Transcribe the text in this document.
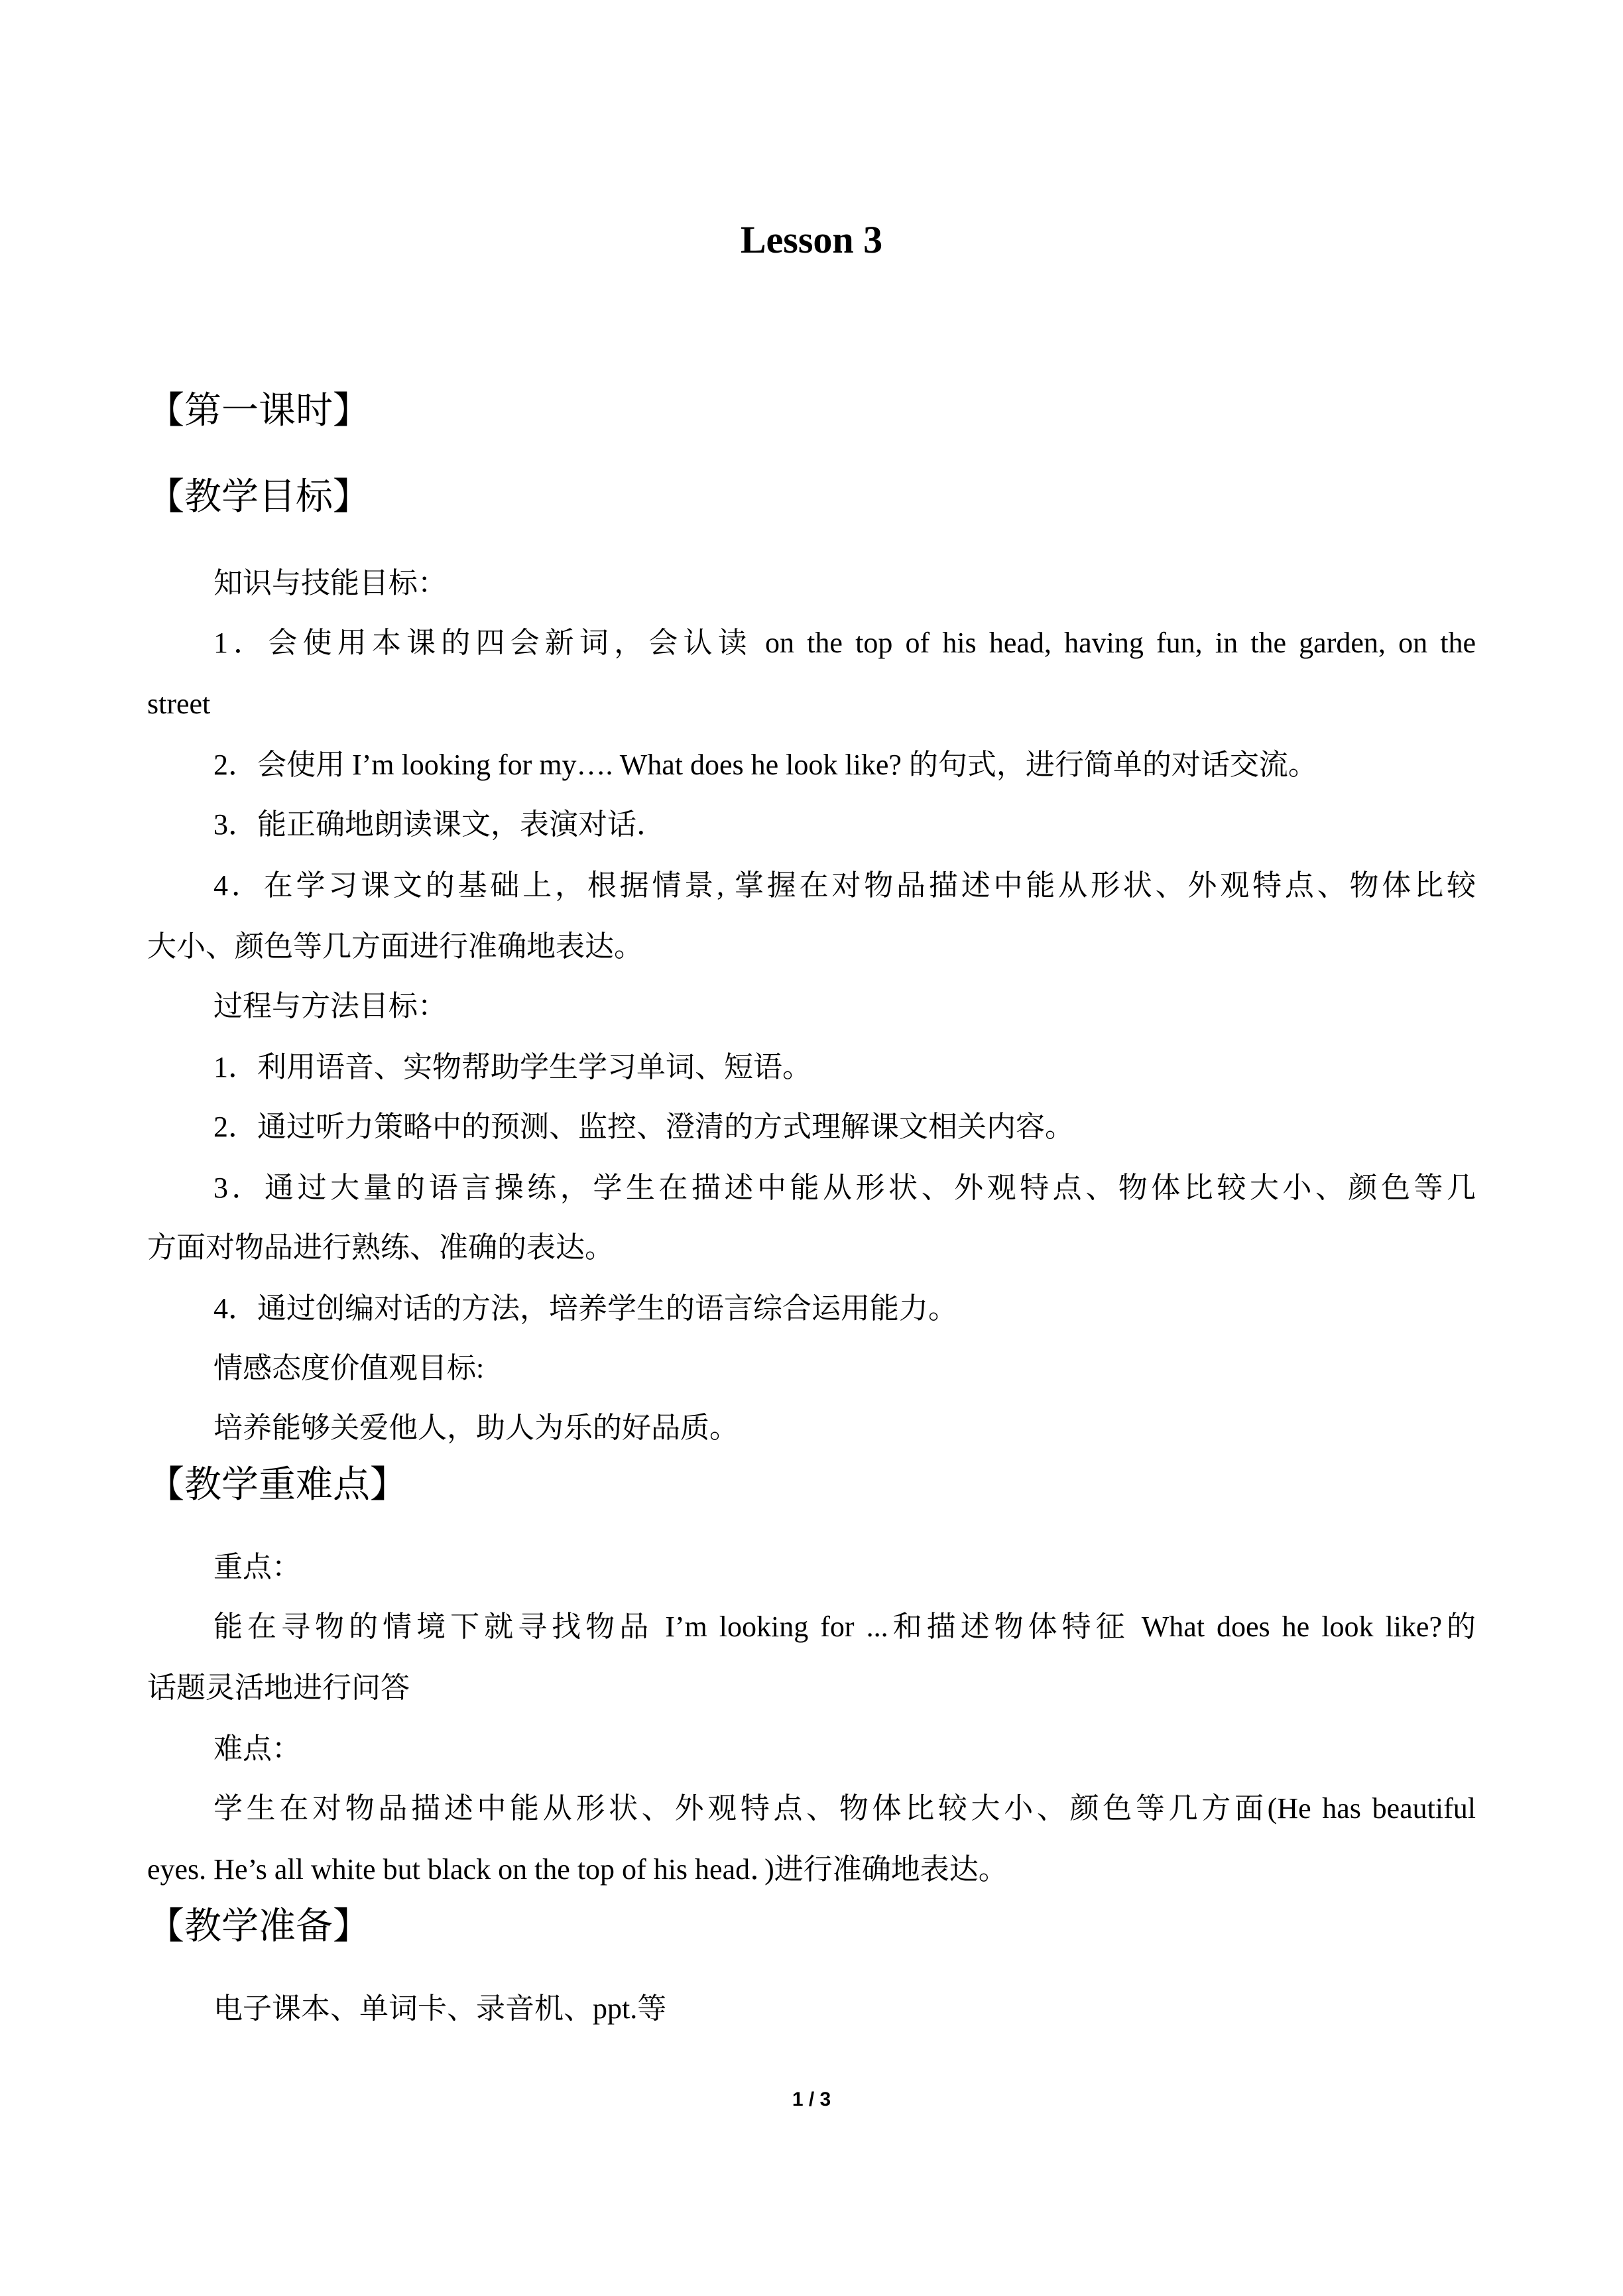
Lesson 3
【第一课时】
【教学目标】
知识与技能目标：
1．会使用本课的四会新词，会认读 on the top of his head, having fun, in the garden, on the
street
2．会使用 I’m looking for my…. What does he look like? 的句式，进行简单的对话交流。
3．能正确地朗读课文，表演对话．
4．在学习课文的基础上，根据情景, 掌握在对物品描述中能从形状、外观特点、物体比较
大小、颜色等几方面进行准确地表达。
过程与方法目标：
1．利用语音、实物帮助学生学习单词、短语。
2．通过听力策略中的预测、监控、澄清的方式理解课文相关内容。
3．通过大量的语言操练，学生在描述中能从形状、外观特点、物体比较大小、颜色等几
方面对物品进行熟练、准确的表达。
4．通过创编对话的方法，培养学生的语言综合运用能力。
情感态度价值观目标:
培养能够关爱他人，助人为乐的好品质。
【教学重难点】
重点：
能在寻物的情境下就寻找物品 I’m looking for ...和描述物体特征 What does he look like?的
话题灵活地进行问答
难点：
学生在对物品描述中能从形状、外观特点、物体比较大小、颜色等几方面(He has beautiful
eyes. He’s all white but black on the top of his head．)进行准确地表达。
【教学准备】
电子课本、单词卡、录音机、ppt.等
1 / 3
